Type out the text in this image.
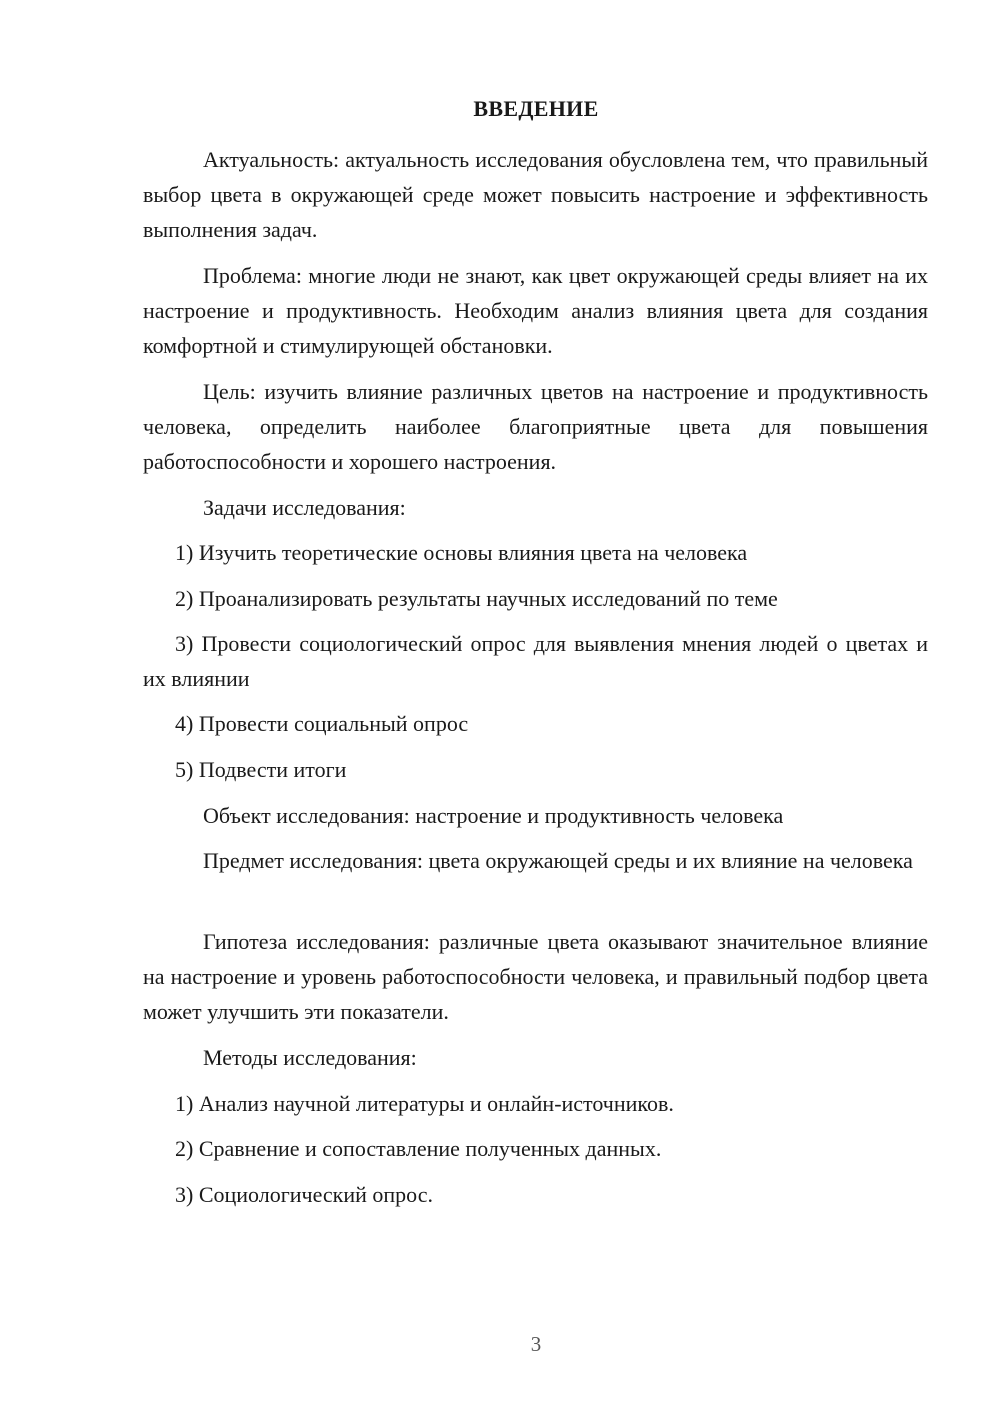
ВВЕДЕНИЕ

Актуальность: актуальность исследования обусловлена тем, что правильный выбор цвета в окружающей среде может повысить настроение и эффективность выполнения задач.

Проблема: многие люди не знают, как цвет окружающей среды влияет на их настроение и продуктивность. Необходим анализ влияния цвета для создания комфортной и стимулирующей обстановки.

Цель: изучить влияние различных цветов на настроение и продуктивность человека, определить наиболее благоприятные цвета для повышения работоспособности и хорошего настроения.

Задачи исследования:

1) Изучить теоретические основы влияния цвета на человека

2) Проанализировать результаты научных исследований по теме

3) Провести социологический опрос для выявления мнения людей о цветах и их влиянии

4) Провести социальный опрос

5) Подвести итоги

Объект исследования: настроение и продуктивность человека

Предмет исследования: цвета окружающей среды и их влияние на человека

Гипотеза исследования: различные цвета оказывают значительное влияние на настроение и уровень работоспособности человека, и правильный подбор цвета может улучшить эти показатели.

Методы исследования:

1) Анализ научной литературы и онлайн-источников.

2) Сравнение и сопоставление полученных данных.

3) Социологический опрос.

3
